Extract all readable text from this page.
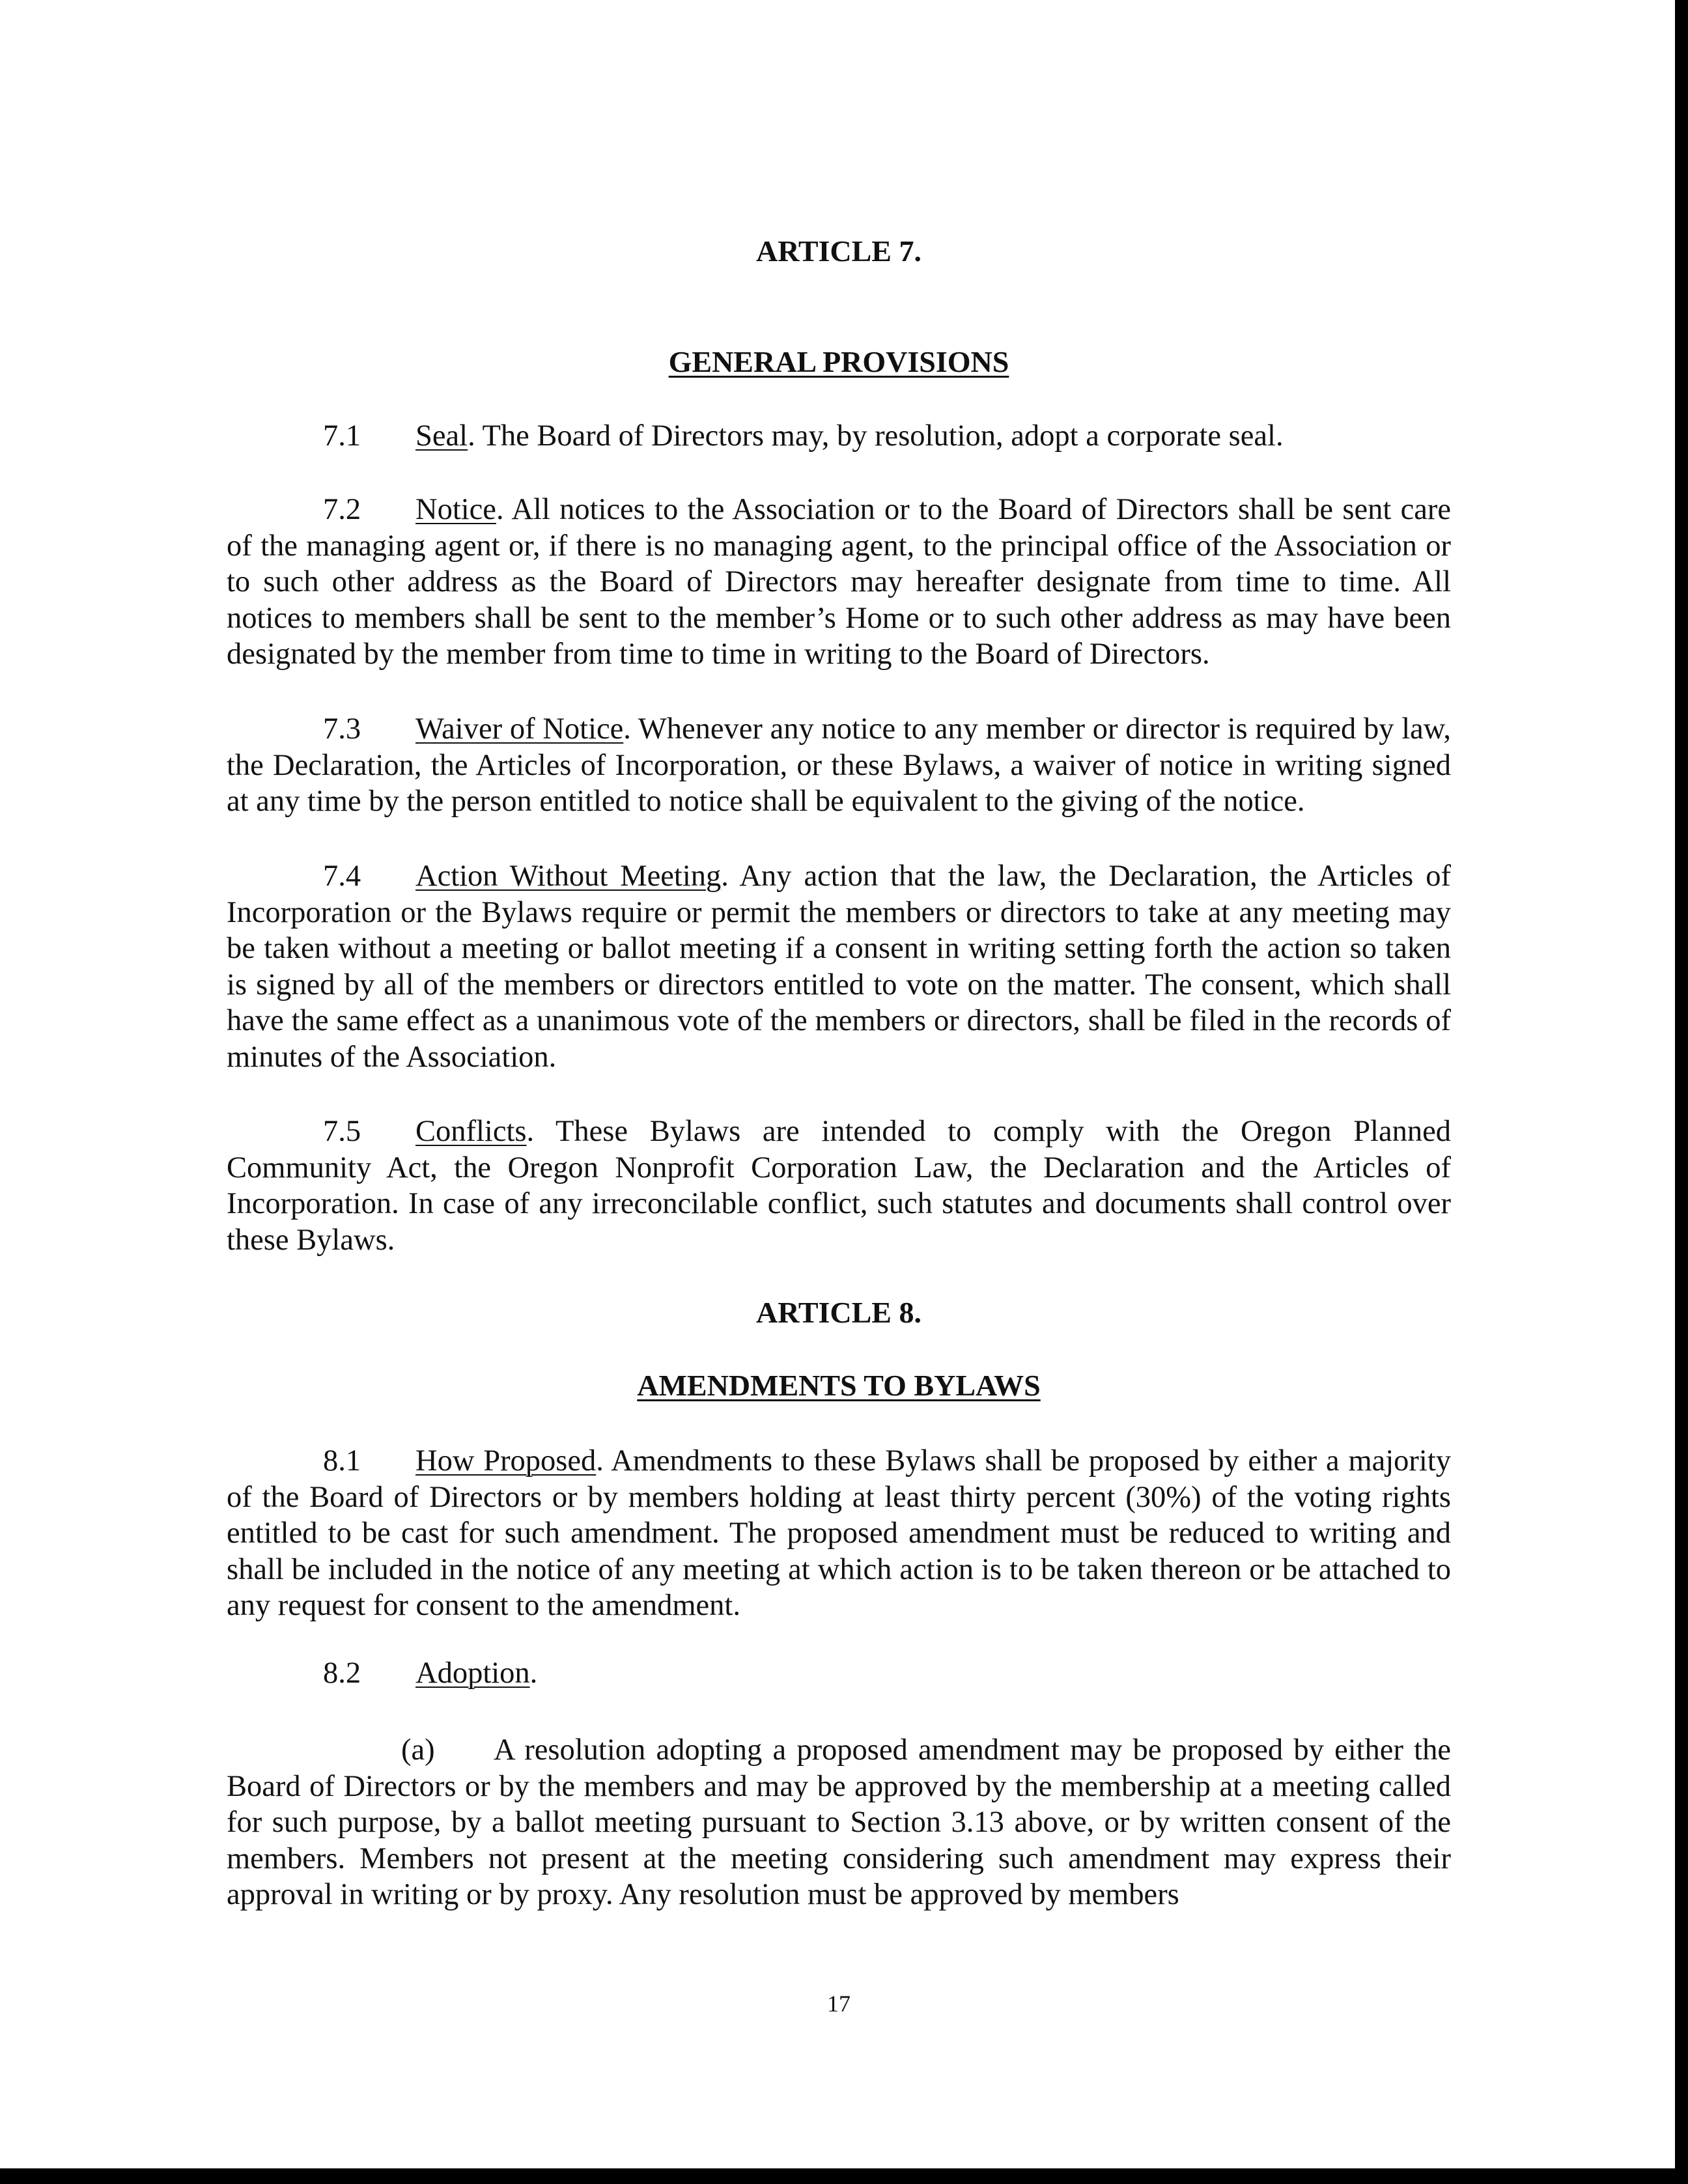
ARTICLE 7.
GENERAL PROVISIONS
7.1 Seal. The Board of Directors may, by resolution, adopt a corporate seal.
7.2 Notice. All notices to the Association or to the Board of Directors shall be sent care of the managing agent or, if there is no managing agent, to the principal office of the Association or to such other address as the Board of Directors may hereafter designate from time to time. All notices to members shall be sent to the member’s Home or to such other address as may have been designated by the member from time to time in writing to the Board of Directors.
7.3 Waiver of Notice. Whenever any notice to any member or director is required by law, the Declaration, the Articles of Incorporation, or these Bylaws, a waiver of notice in writing signed at any time by the person entitled to notice shall be equivalent to the giving of the notice.
7.4 Action Without Meeting. Any action that the law, the Declaration, the Articles of Incorporation or the Bylaws require or permit the members or directors to take at any meeting may be taken without a meeting or ballot meeting if a consent in writing setting forth the action so taken is signed by all of the members or directors entitled to vote on the matter. The consent, which shall have the same effect as a unanimous vote of the members or directors, shall be filed in the records of minutes of the Association.
7.5 Conflicts. These Bylaws are intended to comply with the Oregon Planned Community Act, the Oregon Nonprofit Corporation Law, the Declaration and the Articles of Incorporation. In case of any irreconcilable conflict, such statutes and documents shall control over these Bylaws.
ARTICLE 8.
AMENDMENTS TO BYLAWS
8.1 How Proposed. Amendments to these Bylaws shall be proposed by either a majority of the Board of Directors or by members holding at least thirty percent (30%) of the voting rights entitled to be cast for such amendment. The proposed amendment must be reduced to writing and shall be included in the notice of any meeting at which action is to be taken thereon or be attached to any request for consent to the amendment.
8.2 Adoption.
(a) A resolution adopting a proposed amendment may be proposed by either the Board of Directors or by the members and may be approved by the membership at a meeting called for such purpose, by a ballot meeting pursuant to Section 3.13 above, or by written consent of the members. Members not present at the meeting considering such amendment may express their approval in writing or by proxy. Any resolution must be approved by members
17
